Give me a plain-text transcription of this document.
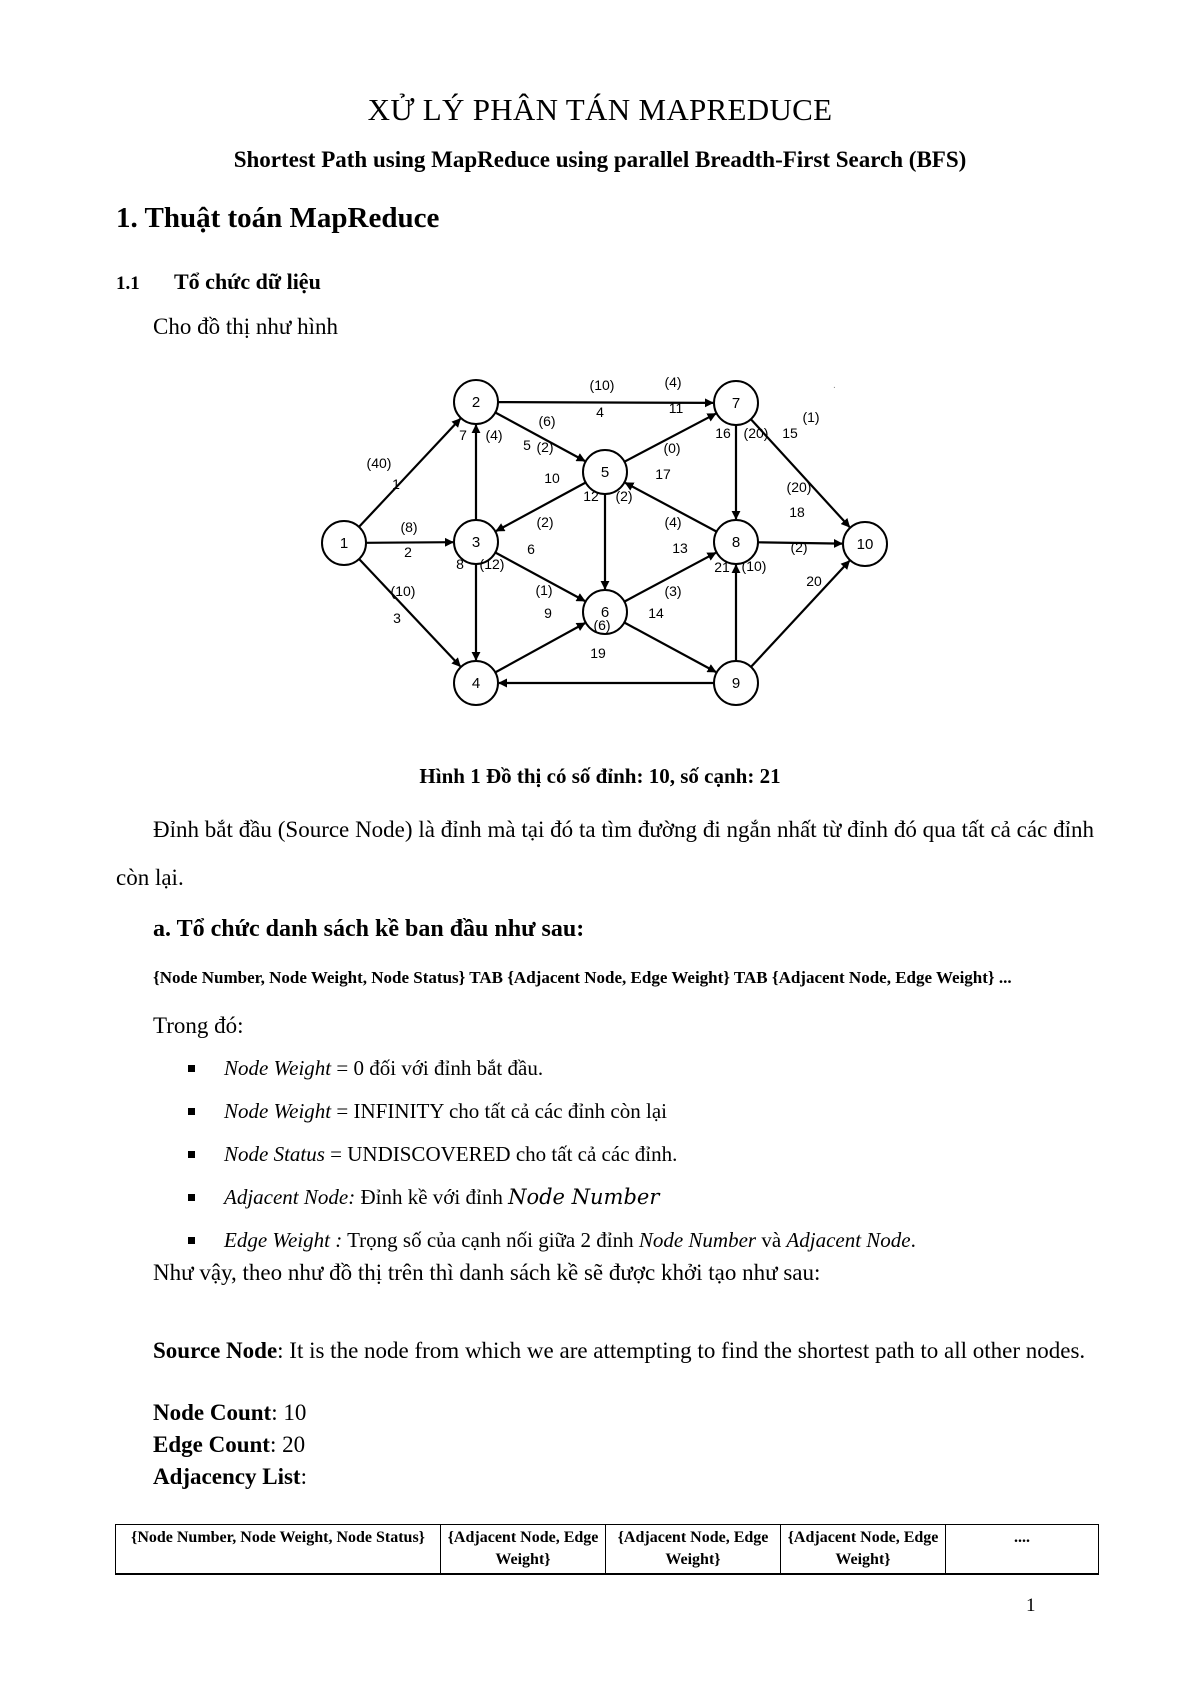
XỬ LÝ PHÂN TÁN MAPREDUCE
Shortest Path using MapReduce using parallel Breadth-First Search (BFS)
1. Thuật toán MapReduce
1.1 Tổ chức dữ liệu
Cho đồ thị như hình
1
2
3
4
5
6
7
8
9
10
(40)
1
(8)
2
(10)
3
(10)
4
(6)
5
(2)
6
(4)
7
(12)
8
(1)
9
(2)
10
(4)
11
(2)
12
(4)
13
(3)
14
(1)
15
(20)
16
(0)
17
(20)
18
(6)
19
(2)
20
(10)
21
.
Hình 1 Đồ thị có số đỉnh: 10, số cạnh: 21
Đỉnh bắt đầu (Source Node) là đỉnh mà tại đó ta tìm đường đi ngắn nhất từ đỉnh đó qua tất cả các đỉnh còn lại.
a. Tổ chức danh sách kề ban đầu như sau:
{Node Number, Node Weight, Node Status} TAB {Adjacent Node, Edge Weight} TAB {Adjacent Node, Edge Weight} ...
Trong đó:
Node Weight = 0 đối với đỉnh bắt đầu.
Node Weight = INFINITY cho tất cả các đỉnh còn lại
Node Status = UNDISCOVERED cho tất cả các đỉnh.
Adjacent Node: Đỉnh kề với đỉnh Node Number
Edge Weight : Trọng số của cạnh nối giữa 2 đỉnh Node Number và Adjacent Node.
Như vậy, theo như đồ thị trên thì danh sách kề sẽ được khởi tạo như sau:
Source Node: It is the node from which we are attempting to find the shortest path to all other nodes.
Node Count: 10
Edge Count: 20
Adjacency List:
{Node Number, Node Weight, Node Status}	{Adjacent Node, Edge Weight}	{Adjacent Node, Edge Weight}	{Adjacent Node, Edge Weight}	....
1
